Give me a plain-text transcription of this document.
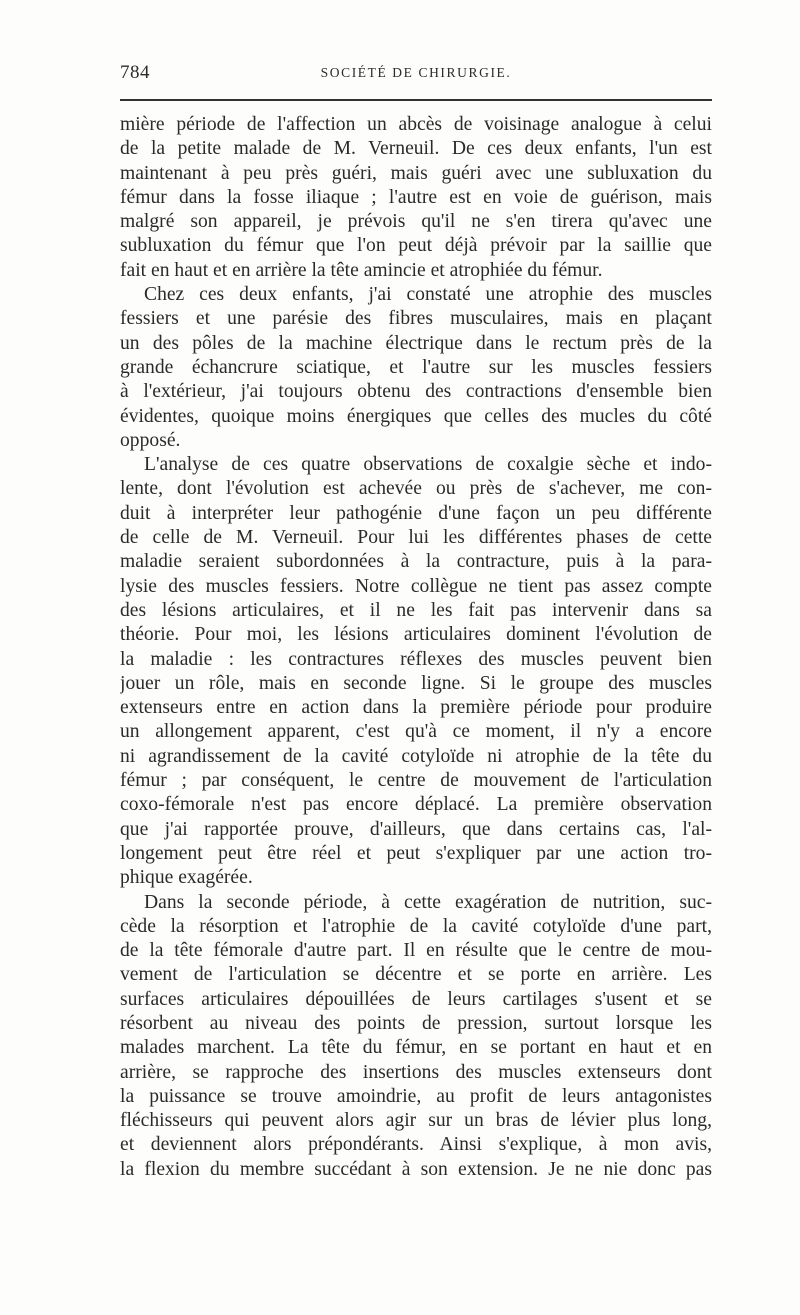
784	SOCIÉTÉ DE CHIRURGIE.
mière période de l'affection un abcès de voisinage analogue à celui
de la petite malade de M. Verneuil. De ces deux enfants, l'un est
maintenant à peu près guéri, mais guéri avec une subluxation du
fémur dans la fosse iliaque ; l'autre est en voie de guérison, mais
malgré son appareil, je prévois qu'il ne s'en tirera qu'avec une
subluxation du fémur que l'on peut déjà prévoir par la saillie que
fait en haut et en arrière la tête amincie et atrophiée du fémur.
Chez ces deux enfants, j'ai constaté une atrophie des muscles
fessiers et une parésie des fibres musculaires, mais en plaçant
un des pôles de la machine électrique dans le rectum près de la
grande échancrure sciatique, et l'autre sur les muscles fessiers
à l'extérieur, j'ai toujours obtenu des contractions d'ensemble bien
évidentes, quoique moins énergiques que celles des mucles du côté
opposé.
L'analyse de ces quatre observations de coxalgie sèche et indo-
lente, dont l'évolution est achevée ou près de s'achever, me con-
duit à interpréter leur pathogénie d'une façon un peu différente
de celle de M. Verneuil. Pour lui les différentes phases de cette
maladie seraient subordonnées à la contracture, puis à la para-
lysie des muscles fessiers. Notre collègue ne tient pas assez compte
des lésions articulaires, et il ne les fait pas intervenir dans sa
théorie. Pour moi, les lésions articulaires dominent l'évolution de
la maladie : les contractures réflexes des muscles peuvent bien
jouer un rôle, mais en seconde ligne. Si le groupe des muscles
extenseurs entre en action dans la première période pour produire
un allongement apparent, c'est qu'à ce moment, il n'y a encore
ni agrandissement de la cavité cotyloïde ni atrophie de la tête du
fémur ; par conséquent, le centre de mouvement de l'articulation
coxo-fémorale n'est pas encore déplacé. La première observation
que j'ai rapportée prouve, d'ailleurs, que dans certains cas, l'al-
longement peut être réel et peut s'expliquer par une action tro-
phique exagérée.
Dans la seconde période, à cette exagération de nutrition, suc-
cède la résorption et l'atrophie de la cavité cotyloïde d'une part,
de la tête fémorale d'autre part. Il en résulte que le centre de mou-
vement de l'articulation se décentre et se porte en arrière. Les
surfaces articulaires dépouillées de leurs cartilages s'usent et se
résorbent au niveau des points de pression, surtout lorsque les
malades marchent. La tête du fémur, en se portant en haut et en
arrière, se rapproche des insertions des muscles extenseurs dont
la puissance se trouve amoindrie, au profit de leurs antagonistes
fléchisseurs qui peuvent alors agir sur un bras de lévier plus long,
et deviennent alors prépondérants. Ainsi s'explique, à mon avis,
la flexion du membre succédant à son extension. Je ne nie donc pas
